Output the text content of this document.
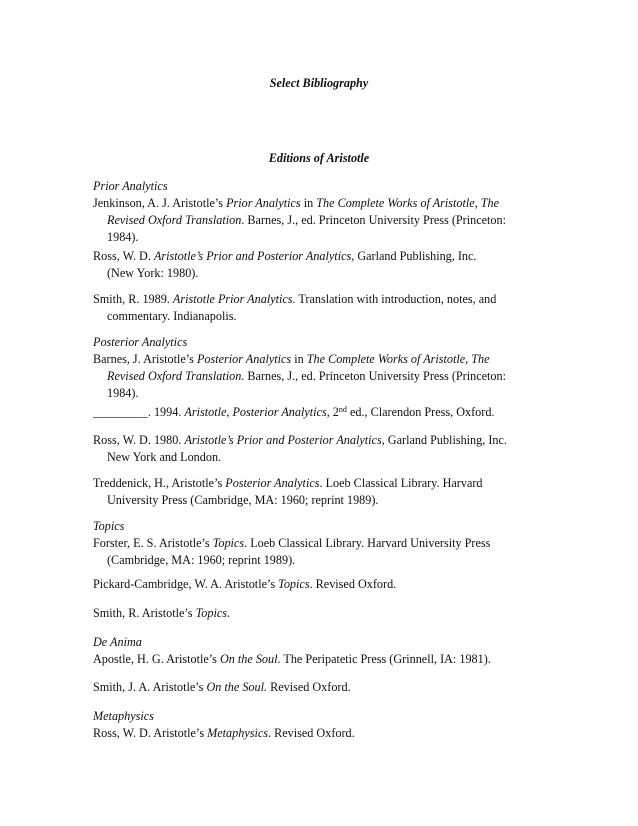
Select Bibliography
Editions of Aristotle
Prior Analytics
Jenkinson, A. J. Aristotle’s Prior Analytics in The Complete Works of Aristotle, The
Revised Oxford Translation. Barnes, J., ed. Princeton University Press (Princeton:
1984).
Ross, W. D. Aristotle’s Prior and Posterior Analytics, Garland Publishing, Inc.
(New York: 1980).
Smith, R. 1989. Aristotle Prior Analytics. Translation with introduction, notes, and
commentary. Indianapolis.
Posterior Analytics
Barnes, J. Aristotle’s Posterior Analytics in The Complete Works of Aristotle, The
Revised Oxford Translation. Barnes, J., ed. Princeton University Press (Princeton:
1984).
_________. 1994. Aristotle, Posterior Analytics, 2nd ed., Clarendon Press, Oxford.
Ross, W. D. 1980. Aristotle’s Prior and Posterior Analytics, Garland Publishing, Inc.
New York and London.
Treddenick, H., Aristotle’s Posterior Analytics. Loeb Classical Library. Harvard
University Press (Cambridge, MA: 1960; reprint 1989).
Topics
Forster, E. S. Aristotle’s Topics. Loeb Classical Library. Harvard University Press
(Cambridge, MA: 1960; reprint 1989).
Pickard-Cambridge, W. A. Aristotle’s Topics. Revised Oxford.
Smith, R. Aristotle’s Topics.
De Anima
Apostle, H. G. Aristotle’s On the Soul. The Peripatetic Press (Grinnell, IA: 1981).
Smith, J. A. Aristotle’s On the Soul. Revised Oxford.
Metaphysics
Ross, W. D. Aristotle’s Metaphysics. Revised Oxford.
